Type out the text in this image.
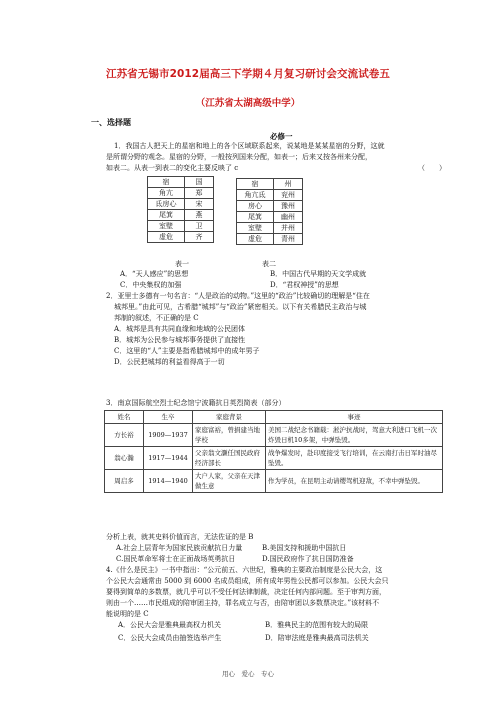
江苏省无锡市2012届高三下学期４月复习研讨会交流试卷五
（江苏省太湖高级中学）
一、选择题
必修一
1．我国古人把天上的星宿和地上的各个区域联系起来，说某地是某某星宿的分野，这就
是所谓分野的观念。星宿的分野，一般按列国来分配，如表一；后来又按各州来分配，
如表二。从表一到表二的变化主要反映了 c	（　　）
宿	国
角亢	郑
氐房心	宋
尾箕	燕
室壁	卫
虚危	齐
宿	州
角亢氐	兖州
房心	豫州
尾箕	幽州
室壁	并州
虚危	青州
表一	表二
A．“天人感应”的思想	B．中国古代早期的天文学成就
C．中央集权的加强	D．“君权神授”的思想
2．亚里士多德有一句名言：“人是政治的动物。”这里的“政治”比较确切的理解是“住在
城邦里。”由此可见，古希腊“城邦”与“政治”紧密相关。以下有关希腊民主政治与城
邦制的叙述，不正确的是 C
A．城邦是具有共同血缘和地域的公民团体
B．城邦为公民参与城邦事务提供了直接性
C．这里的“人”主要是指希腊城邦中的成年男子
D．公民把城邦的利益看得高于一切
3．南京国际航空烈士纪念馆宁波籍抗日英烈简表（部分）
姓名	生卒	家庭背景	事迹
方长裕	1909—1937	家庭富裕，曾捐建当地学校	美国二战纪念书籍载：淞沪抗战时，驾意大利进口飞机一次炸毁日机10多架，中弹坠毁。
翁心瀚	1917—1944	父亲翁文灏任国民政府经济部长	战争爆发时，赴印度接受飞行培训，在云南打击日军时油尽坠毁。
周启多	1914—1940	大户人家，父亲在天津做生意	作为学员，在昆明主动请缨驾机迎敌，不幸中弹坠毁。
分析上表，就其史料价值而言，无法佐证的是 B
A.社会上层青年为国家民族贡献抗日力量	B.美国支持和援助中国抗日
C.国民革命军将士在正面战场英勇抗日	D.国民政府作了抗日国防准备
4.《什么是民主》一书中指出：“公元前五、六世纪，雅典的主要政治制度是公民大会，这
个公民大会通常由 5000 到 6000 名成员组成，所有成年男性公民都可以参加。公民大会只
要得到简单的多数票，就几乎可以不受任何法律制裁，决定任何内部问题。至于审判方面，
则由一个……市民组成的陪审团主持，罪名成立与否，由陪审团以多数票决定。”该材料不
能说明的是 C
A．公民大会是雅典最高权力机关	B．雅典民主的范围有较大的局限
C．公民大会成员由抽签选举产生	D．陪审法庭是雅典最高司法机关
用心　爱心　专心
